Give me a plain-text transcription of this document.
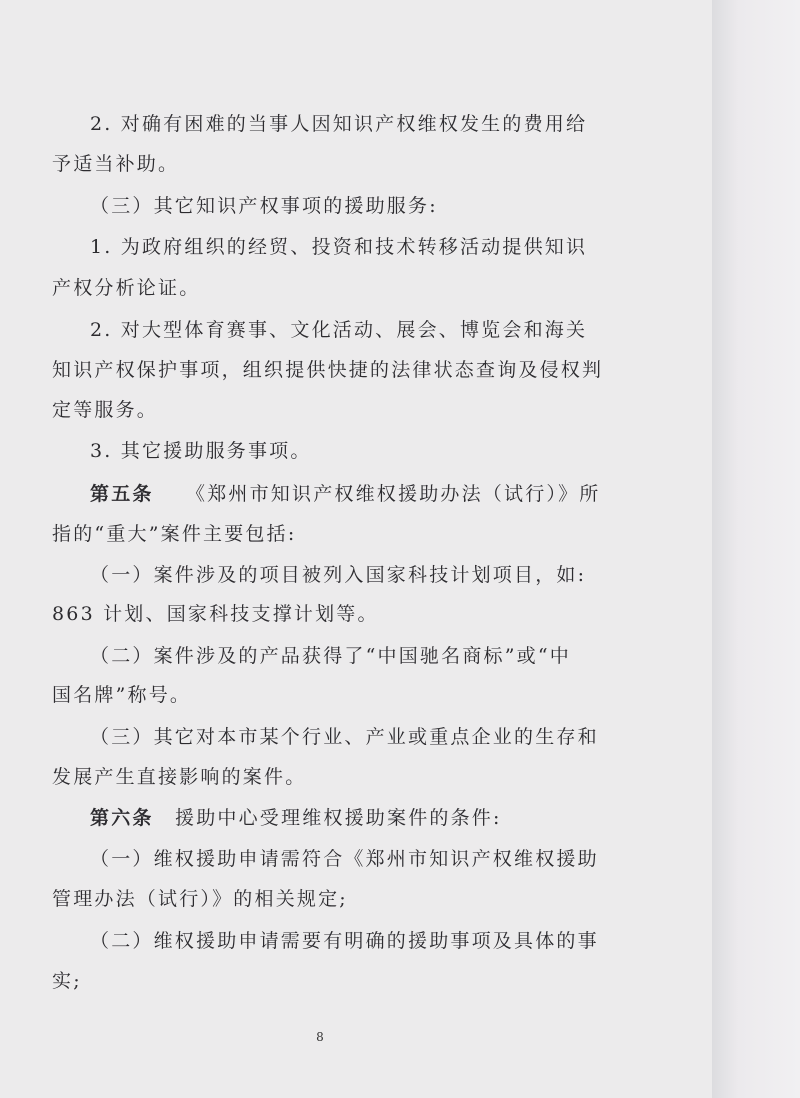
2. 对确有困难的当事人因知识产权维权发生的费用给

予适当补助。

（三）其它知识产权事项的援助服务:

1. 为政府组织的经贸、投资和技术转移活动提供知识

产权分析论证。

2. 对大型体育赛事、文化活动、展会、博览会和海关

知识产权保护事项，组织提供快捷的法律状态查询及侵权判

定等服务。

3. 其它援助服务事项。

第五条 《郑州市知识产权维权援助办法（试行）》所

指的“重大”案件主要包括:

（一）案件涉及的项目被列入国家科技计划项目，如:

863 计划、国家科技支撑计划等。

（二）案件涉及的产品获得了“中国驰名商标”或“中

国名牌”称号。

（三）其它对本市某个行业、产业或重点企业的生存和

发展产生直接影响的案件。

第六条 援助中心受理维权援助案件的条件:

（一）维权援助申请需符合《郑州市知识产权维权援助

管理办法（试行）》的相关规定;

（二）维权援助申请需要有明确的援助事项及具体的事

实;

8
